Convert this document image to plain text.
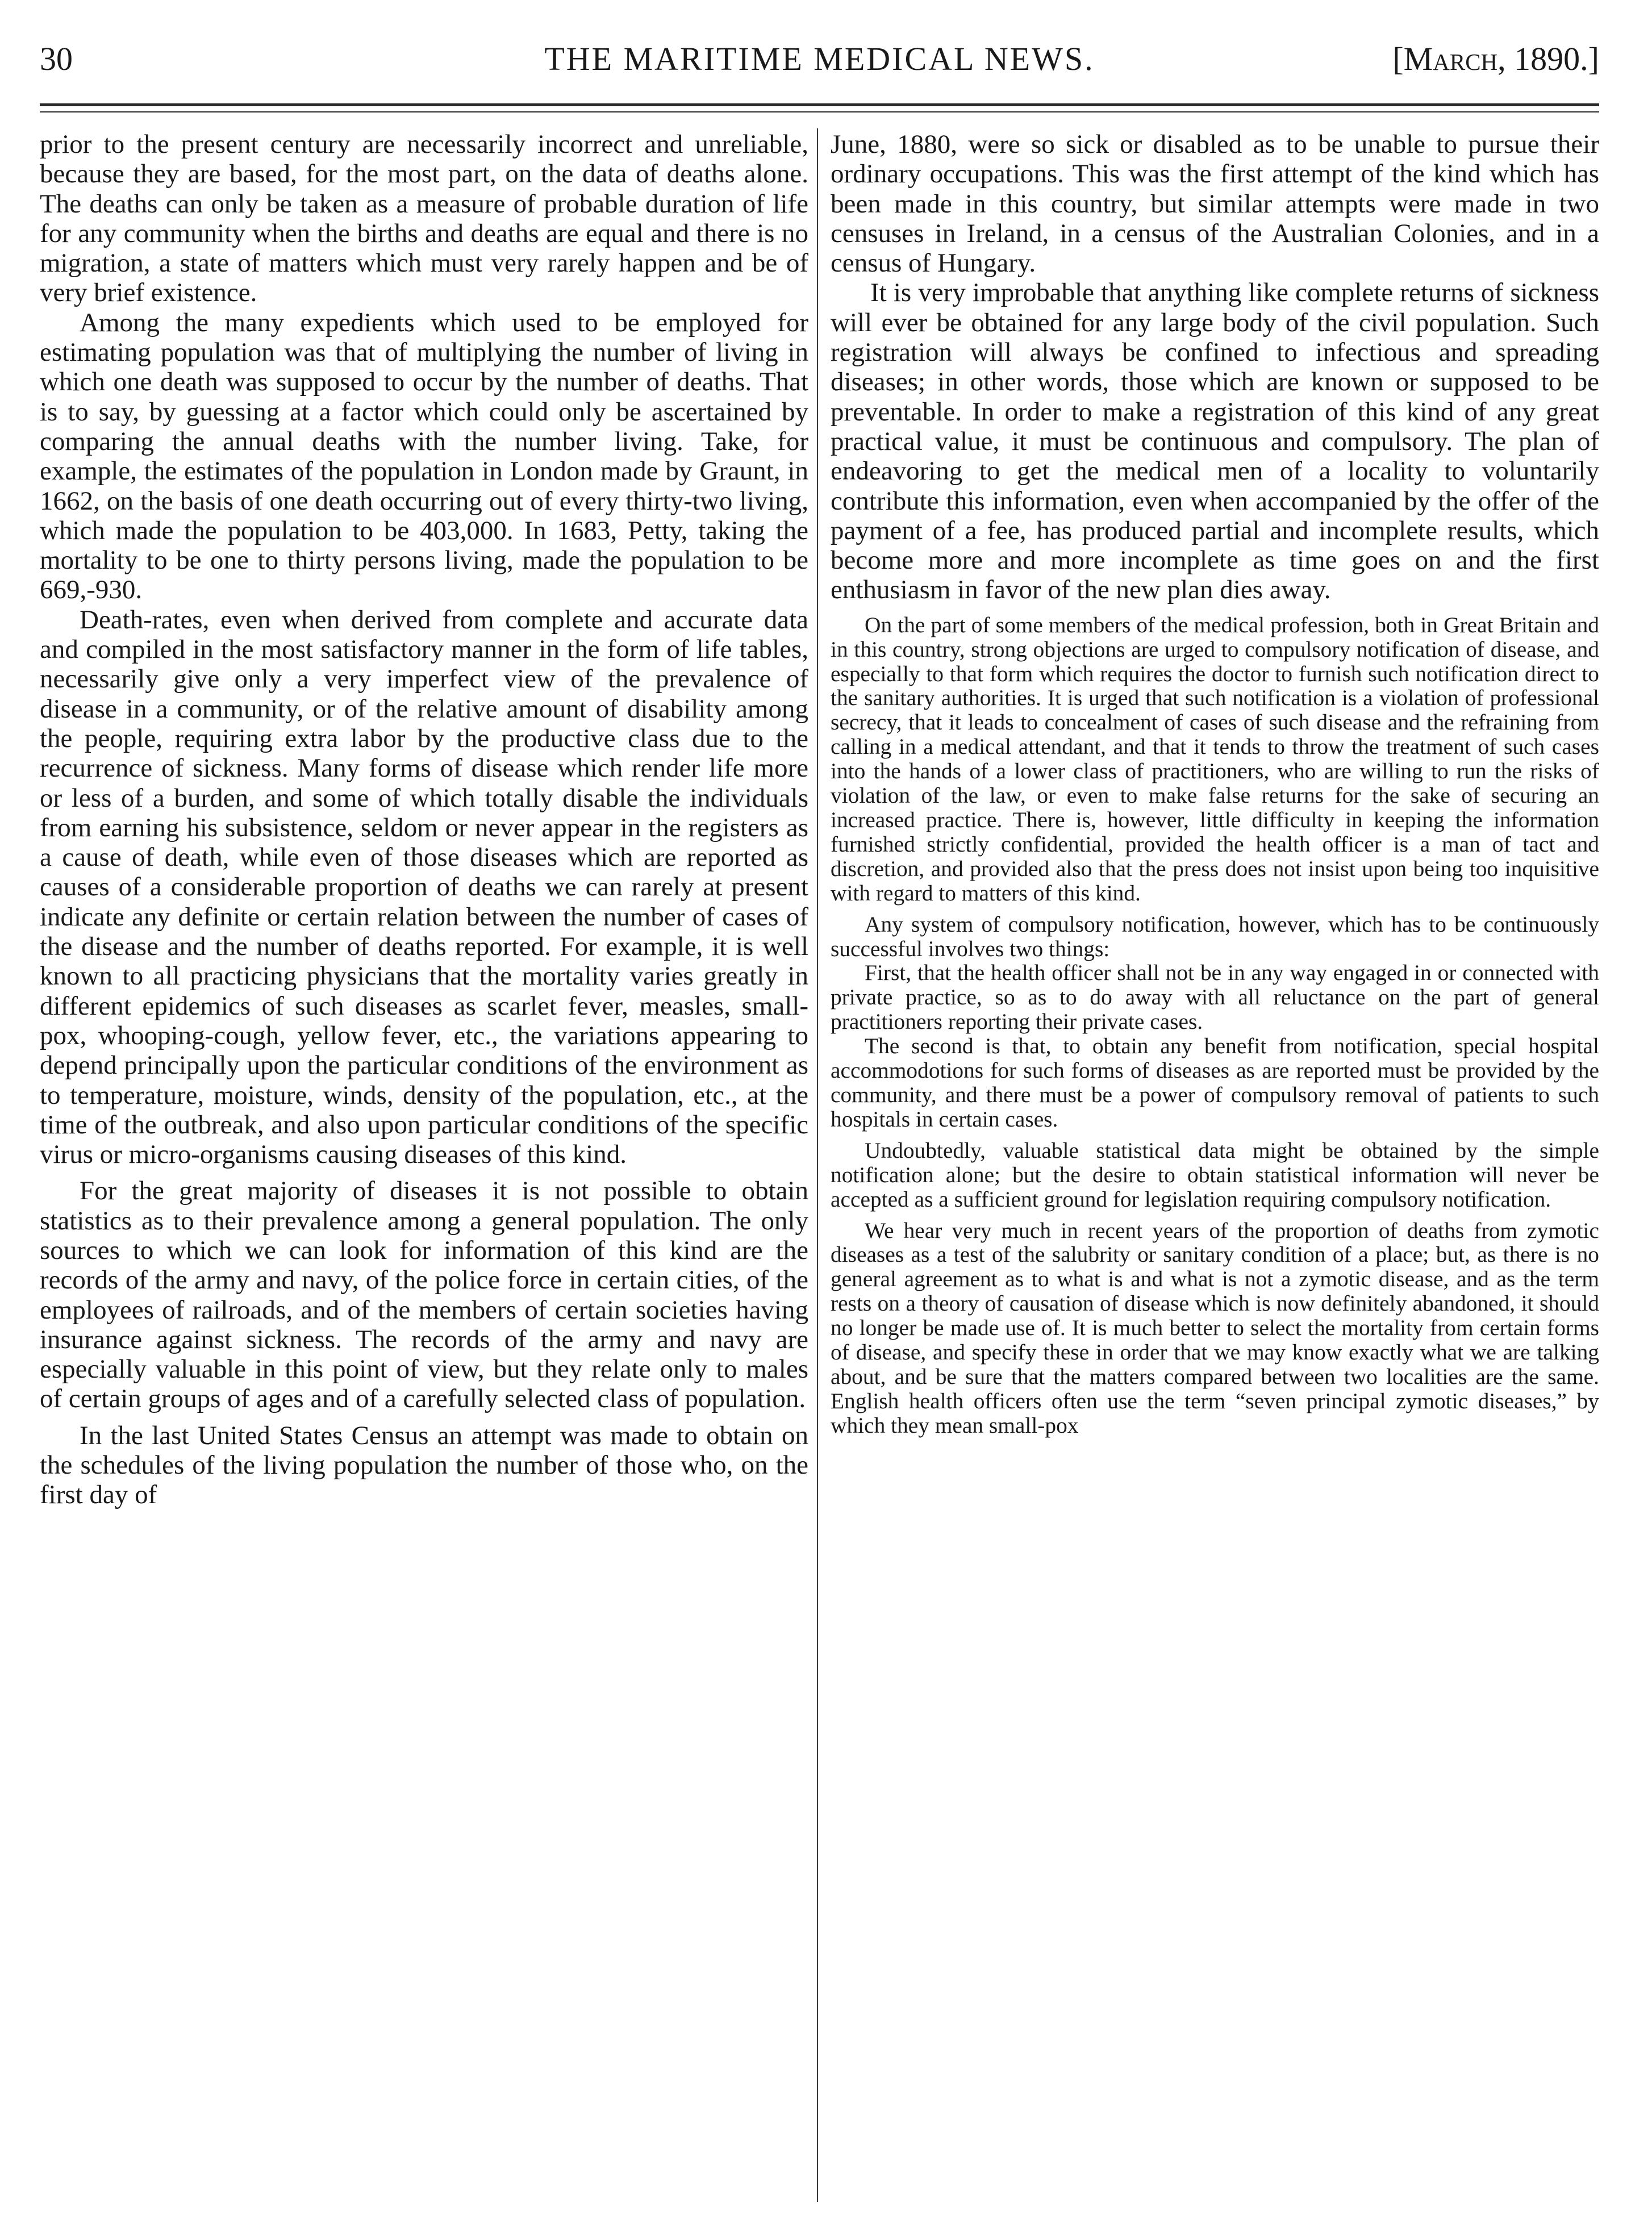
30	THE MARITIME MEDICAL NEWS.	[March, 1890.]

prior to the present century are necessarily incorrect and unreliable, because they are based, for the most part, on the data of deaths alone. The deaths can only be taken as a measure of probable duration of life for any community when the births and deaths are equal and there is no migration, a state of matters which must very rarely happen and be of very brief existence.

Among the many expedients which used to be employed for estimating population was that of multiplying the number of living in which one death was supposed to occur by the number of deaths. That is to say, by guessing at a factor which could only be ascertained by comparing the annual deaths with the number living. Take, for example, the estimates of the population in London made by Graunt, in 1662, on the basis of one death occurring out of every thirty-two living, which made the population to be 403,000. In 1683, Petty, taking the mortality to be one to thirty persons living, made the population to be 669,-930.

Death-rates, even when derived from complete and accurate data and compiled in the most satisfactory manner in the form of life tables, necessarily give only a very imperfect view of the prevalence of disease in a community, or of the relative amount of disability among the people, requiring extra labor by the productive class due to the recurrence of sickness. Many forms of disease which render life more or less of a burden, and some of which totally disable the individuals from earning his subsistence, seldom or never appear in the registers as a cause of death, while even of those diseases which are reported as causes of a considerable proportion of deaths we can rarely at present indicate any definite or certain relation between the number of cases of the disease and the number of deaths reported. For example, it is well known to all practicing physicians that the mortality varies greatly in different epidemics of such diseases as scarlet fever, measles, small-pox, whooping-cough, yellow fever, etc., the variations appearing to depend principally upon the particular conditions of the environment as to temperature, moisture, winds, density of the population, etc., at the time of the outbreak, and also upon particular conditions of the specific virus or micro-organisms causing diseases of this kind.

For the great majority of diseases it is not possible to obtain statistics as to their prevalence among a general population. The only sources to which we can look for information of this kind are the records of the army and navy, of the police force in certain cities, of the employees of railroads, and of the members of certain societies having insurance against sickness. The records of the army and navy are especially valuable in this point of view, but they relate only to males of certain groups of ages and of a carefully selected class of population.

In the last United States Census an attempt was made to obtain on the schedules of the living population the number of those who, on the first day of

June, 1880, were so sick or disabled as to be unable to pursue their ordinary occupations. This was the first attempt of the kind which has been made in this country, but similar attempts were made in two censuses in Ireland, in a census of the Australian Colonies, and in a census of Hungary.

It is very improbable that anything like complete returns of sickness will ever be obtained for any large body of the civil population. Such registration will always be confined to infectious and spreading diseases; in other words, those which are known or supposed to be preventable. In order to make a registration of this kind of any great practical value, it must be continuous and compulsory. The plan of endeavoring to get the medical men of a locality to voluntarily contribute this information, even when accompanied by the offer of the payment of a fee, has produced partial and incomplete results, which become more and more incomplete as time goes on and the first enthusiasm in favor of the new plan dies away.

On the part of some members of the medical profession, both in Great Britain and in this country, strong objections are urged to compulsory notification of disease, and especially to that form which requires the doctor to furnish such notification direct to the sanitary authorities. It is urged that such notification is a violation of professional secrecy, that it leads to concealment of cases of such disease and the refraining from calling in a medical attendant, and that it tends to throw the treatment of such cases into the hands of a lower class of practitioners, who are willing to run the risks of violation of the law, or even to make false returns for the sake of securing an increased practice. There is, however, little difficulty in keeping the information furnished strictly confidential, provided the health officer is a man of tact and discretion, and provided also that the press does not insist upon being too inquisitive with regard to matters of this kind.

Any system of compulsory notification, however, which has to be continuously successful involves two things:

First, that the health officer shall not be in any way engaged in or connected with private practice, so as to do away with all reluctance on the part of general practitioners reporting their private cases.

The second is that, to obtain any benefit from notification, special hospital accommodotions for such forms of diseases as are reported must be provided by the community, and there must be a power of compulsory removal of patients to such hospitals in certain cases.

Undoubtedly, valuable statistical data might be obtained by the simple notification alone; but the desire to obtain statistical information will never be accepted as a sufficient ground for legislation requiring compulsory notification.

We hear very much in recent years of the proportion of deaths from zymotic diseases as a test of the salubrity or sanitary condition of a place; but, as there is no general agreement as to what is and what is not a zymotic disease, and as the term rests on a theory of causation of disease which is now definitely abandoned, it should no longer be made use of. It is much better to select the mortality from certain forms of disease, and specify these in order that we may know exactly what we are talking about, and be sure that the matters compared between two localities are the same. English health officers often use the term “seven principal zymotic diseases,” by which they mean small-pox
